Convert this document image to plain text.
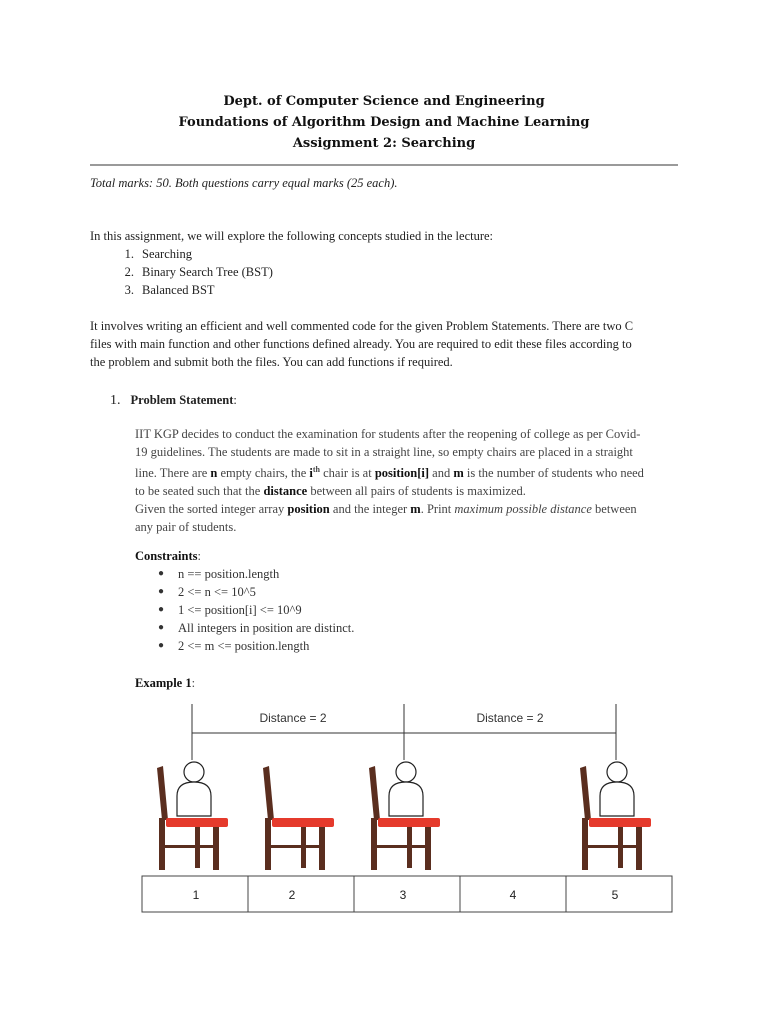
Dept. of Computer Science and Engineering
Foundations of Algorithm Design and Machine Learning
Assignment 2: Searching
Total marks: 50. Both questions carry equal marks (25 each).
In this assignment, we will explore the following concepts studied in the lecture:
1. Searching
2. Binary Search Tree (BST)
3. Balanced BST
It involves writing an efficient and well commented code for the given Problem Statements. There are two C
files with main function and other functions defined already. You are required to edit these files according to
the problem and submit both the files. You can add functions if required.
1. Problem Statement:
IIT KGP decides to conduct the examination for students after the reopening of college as per Covid-
19 guidelines. The students are made to sit in a straight line, so empty chairs are placed in a straight
line. There are n empty chairs, the $i^{th}$ chair is at position[i] and m is the number of students who need
to be seated such that the distance between all pairs of students is maximized.
Given the sorted integer array position and the integer m. Print maximum possible distance between
any pair of students.
Constraints:
●	n == position.length
●	2 <= n <= 10^5
●	1 <= position[i] <= 10^9
●	All integers in position are distinct.
●	2 <= m <= position.length
Example 1:
Distance = 2	Distance = 2
1	2	3	4	5
